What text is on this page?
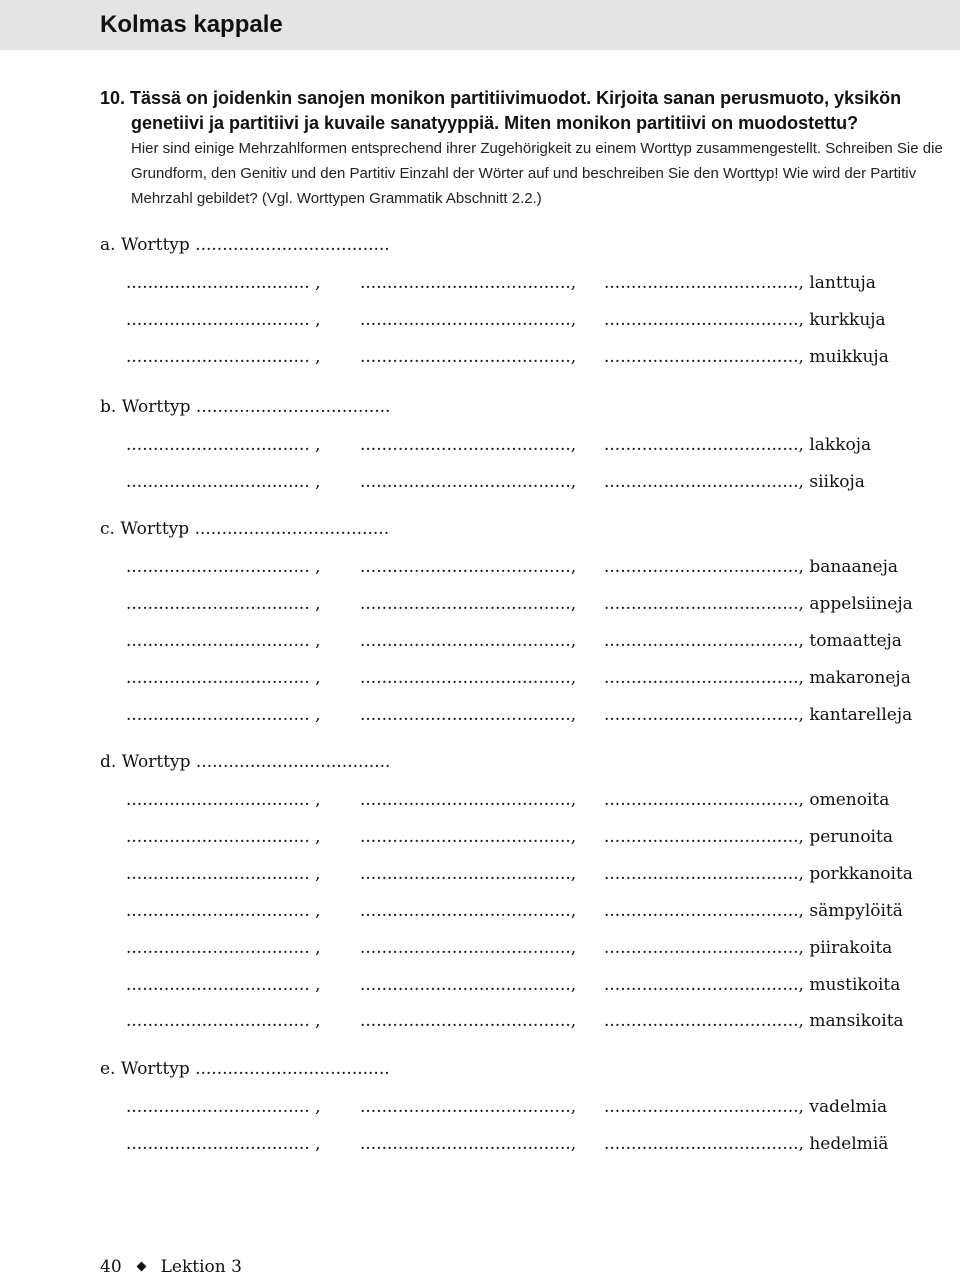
Kolmas kappale

10. Tässä on joidenkin sanojen monikon partitiivimuodot. Kirjoita sanan perusmuoto, yksikön
genetiivi ja partitiivi ja kuvaile sanatyyppiä. Miten monikon partitiivi on muodostettu?

Hier sind einige Mehrzahlformen entsprechend ihrer Zugehörigkeit zu einem Worttyp zusammengestellt. Schreiben Sie die Grundform, den Genitiv und den Partitiv Einzahl der Wörter auf und beschreiben Sie den Worttyp! Wie wird der Partitiv Mehrzahl gebildet? (Vgl. Worttypen Grammatik Abschnitt 2.2.)

a. Worttyp ....................................
.................................. ,	.......................................,	...................................., lanttuja
.................................. ,	.......................................,	...................................., kurkkuja
.................................. ,	.......................................,	...................................., muikkuja
b. Worttyp ....................................
.................................. ,	.......................................,	...................................., lakkoja
.................................. ,	.......................................,	...................................., siikoja
c. Worttyp ....................................
.................................. ,	.......................................,	...................................., banaaneja
.................................. ,	.......................................,	...................................., appelsiineja
.................................. ,	.......................................,	...................................., tomaatteja
.................................. ,	.......................................,	...................................., makaroneja
.................................. ,	.......................................,	...................................., kantarelleja
d. Worttyp ....................................
.................................. ,	.......................................,	...................................., omenoita
.................................. ,	.......................................,	...................................., perunoita
.................................. ,	.......................................,	...................................., porkkanoita
.................................. ,	.......................................,	...................................., sämpylöitä
.................................. ,	.......................................,	...................................., piirakoita
.................................. ,	.......................................,	...................................., mustikoita
.................................. ,	.......................................,	...................................., mansikoita
e. Worttyp ....................................
.................................. ,	.......................................,	...................................., vadelmia
.................................. ,	.......................................,	...................................., hedelmiä
40 Lektion 3
